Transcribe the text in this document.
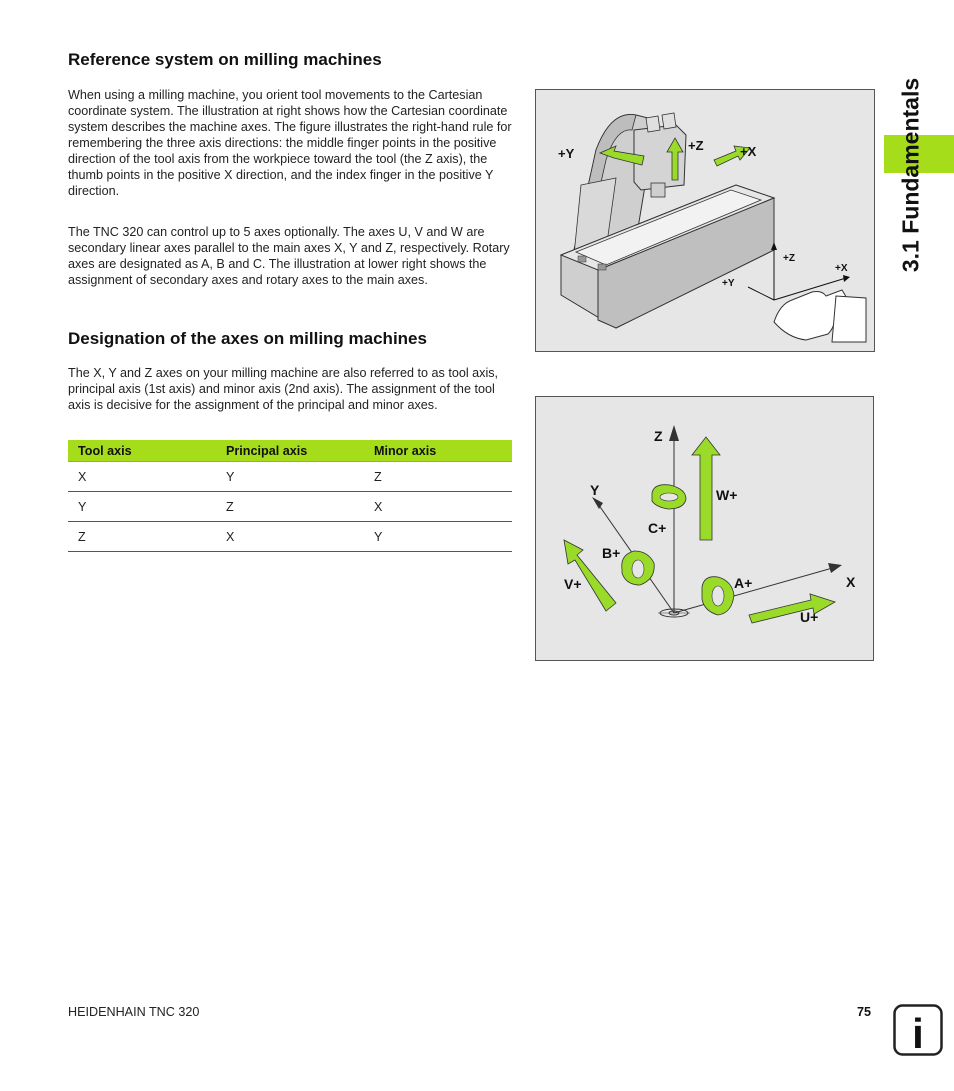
Reference system on milling machines

When using a milling machine, you orient tool movements to the Cartesian coordinate system. The illustration at right shows how the Cartesian coordinate system describes the machine axes. The figure illustrates the right-hand rule for remembering the three axis directions: the middle finger points in the positive direction of the tool axis from the workpiece toward the tool (the Z axis), the thumb points in the positive X direction, and the index finger in the positive Y direction.

The TNC 320 can control up to 5 axes optionally. The axes U, V and W are secondary linear axes parallel to the main axes X, Y and Z, respectively. Rotary axes are designated as A, B and C. The illustration at lower right shows the assignment of secondary axes and rotary axes to the main axes.

Designation of the axes on milling machines

The X, Y and Z axes on your milling machine are also referred to as tool axis, principal axis (1st axis) and minor axis (2nd axis). The assignment of the tool axis is decisive for the assignment of the principal and minor axes.

Tool axis	Principal axis	Minor axis
X	Y	Z
Y	Z	X
Z	X	Y
+Y
+Z	+X
+Z
+X
+Y
Z
Y
X
W+
C+
B+
V+	A+
U+
3.1 Fundamentals
HEIDENHAIN TNC 320	75 i
